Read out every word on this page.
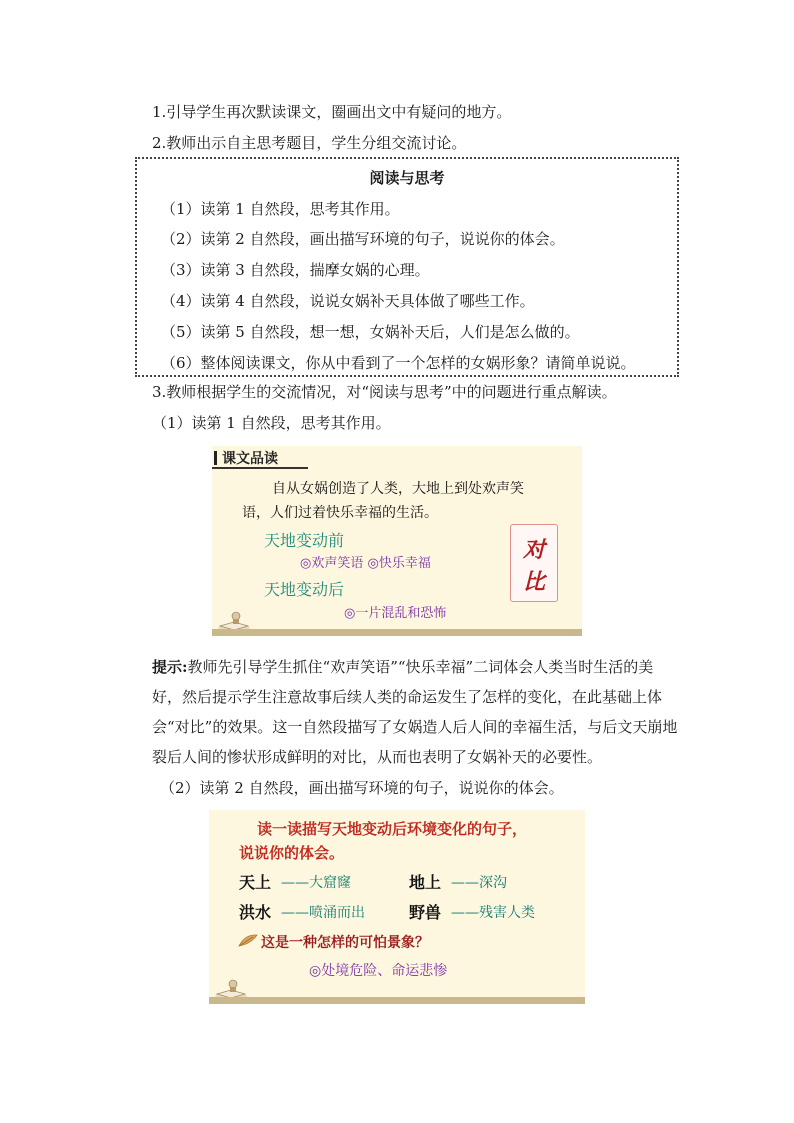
1.引导学生再次默读课文，圈画出文中有疑问的地方。
2.教师出示自主思考题目，学生分组交流讨论。
阅读与思考
（1）读第 1 自然段，思考其作用。
（2）读第 2 自然段，画出描写环境的句子，说说你的体会。
（3）读第 3 自然段，揣摩女娲的心理。
（4）读第 4 自然段，说说女娲补天具体做了哪些工作。
（5）读第 5 自然段，想一想，女娲补天后，人们是怎么做的。
（6）整体阅读课文，你从中看到了一个怎样的女娲形象？请简单说说。
3.教师根据学生的交流情况，对“阅读与思考”中的问题进行重点解读。
（1）读第 1 自然段，思考其作用。
课文品读
自从女娲创造了人类，大地上到处欢声笑
语，人们过着快乐幸福的生活。
天地变动前
◎欢声笑语 ◎快乐幸福
天地变动后
◎一片混乱和恐怖
对
比
提示:教师先引导学生抓住“欢声笑语”“快乐幸福”二词体会人类当时生活的美好，然后提示学生注意故事后续人类的命运发生了怎样的变化，在此基础上体会“对比”的效果。这一自然段描写了女娲造人后人间的幸福生活，与后文天崩地裂后人间的惨状形成鲜明的对比，从而也表明了女娲补天的必要性。
（2）读第 2 自然段，画出描写环境的句子，说说你的体会。
读一读描写天地变动后环境变化的句子，
说说你的体会。
天上 ——大窟窿	地上 ——深沟
洪水 ——喷涌而出	野兽 ——残害人类
这是一种怎样的可怕景象？
◎处境危险、命运悲惨
